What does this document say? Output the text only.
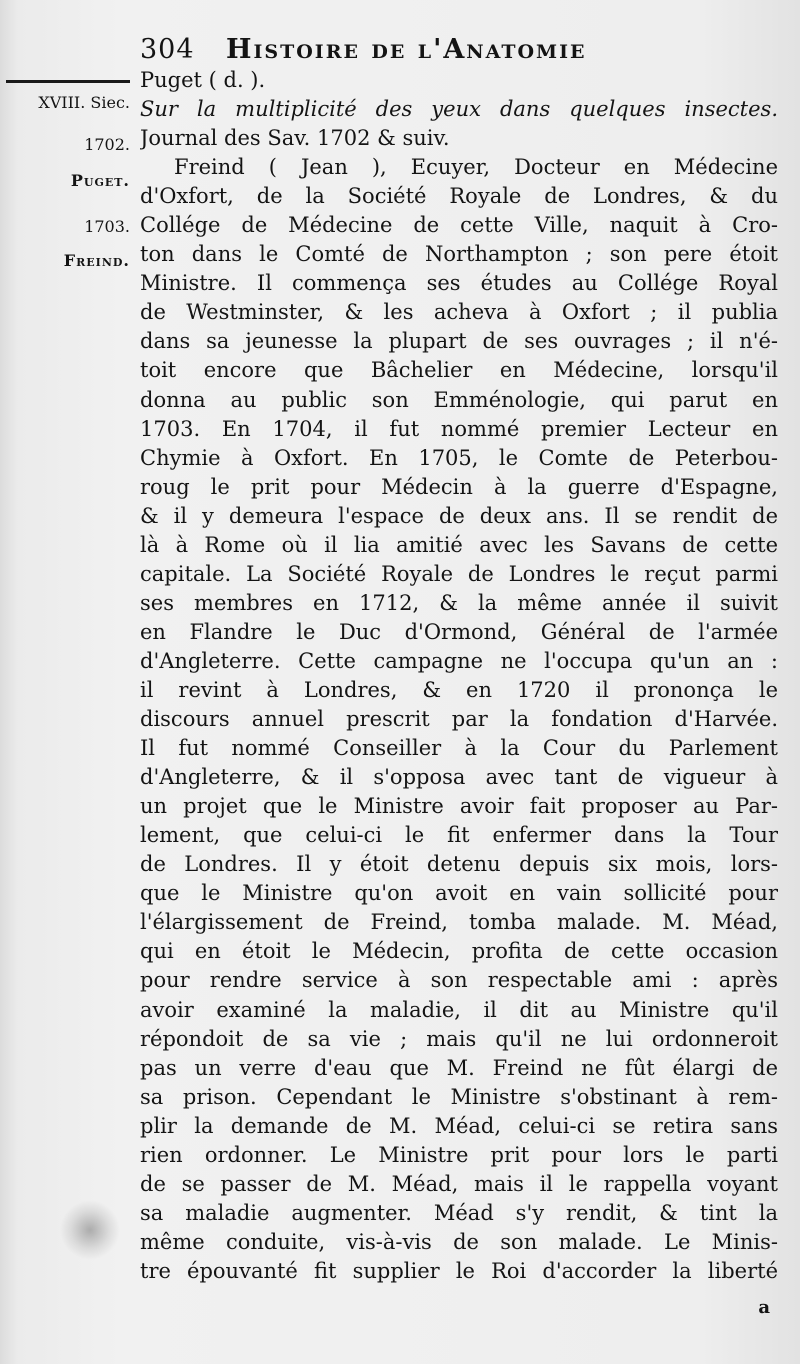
304 Histoire de l'Anatomie
XVIII. Siec.
1702.
Puget.
1703.
Freind.
Puget ( d. ).
Sur la multiplicité des yeux dans quelques insectes.
Journal des Sav. 1702 & suiv.
Freind ( Jean ), Ecuyer, Docteur en Médecine
d'Oxfort, de la Société Royale de Londres, & du
Collége de Médecine de cette Ville, naquit à Cro-
ton dans le Comté de Northampton ; son pere étoit
Ministre. Il commença ses études au Collége Royal
de Westminster, & les acheva à Oxfort ; il publia
dans sa jeunesse la plupart de ses ouvrages ; il n'é-
toit encore que Bâchelier en Médecine, lorsqu'il
donna au public son Emménologie, qui parut en
1703. En 1704, il fut nommé premier Lecteur en
Chymie à Oxfort. En 1705, le Comte de Peterbou-
roug le prit pour Médecin à la guerre d'Espagne,
& il y demeura l'espace de deux ans. Il se rendit de
là à Rome où il lia amitié avec les Savans de cette
capitale. La Société Royale de Londres le reçut parmi
ses membres en 1712, & la même année il suivit
en Flandre le Duc d'Ormond, Général de l'armée
d'Angleterre. Cette campagne ne l'occupa qu'un an :
il revint à Londres, & en 1720 il prononça le
discours annuel prescrit par la fondation d'Harvée.
Il fut nommé Conseiller à la Cour du Parlement
d'Angleterre, & il s'opposa avec tant de vigueur à
un projet que le Ministre avoir fait proposer au Par-
lement, que celui-ci le fit enfermer dans la Tour
de Londres. Il y étoit detenu depuis six mois, lors-
que le Ministre qu'on avoit en vain sollicité pour
l'élargissement de Freind, tomba malade. M. Méad,
qui en étoit le Médecin, profita de cette occasion
pour rendre service à son respectable ami : après
avoir examiné la maladie, il dit au Ministre qu'il
répondoit de sa vie ; mais qu'il ne lui ordonneroit
pas un verre d'eau que M. Freind ne fût élargi de
sa prison. Cependant le Ministre s'obstinant à rem-
plir la demande de M. Méad, celui-ci se retira sans
rien ordonner. Le Ministre prit pour lors le parti
de se passer de M. Méad, mais il le rappella voyant
sa maladie augmenter. Méad s'y rendit, & tint la
même conduite, vis-à-vis de son malade. Le Minis-
tre épouvanté fit supplier le Roi d'accorder la liberté
a
